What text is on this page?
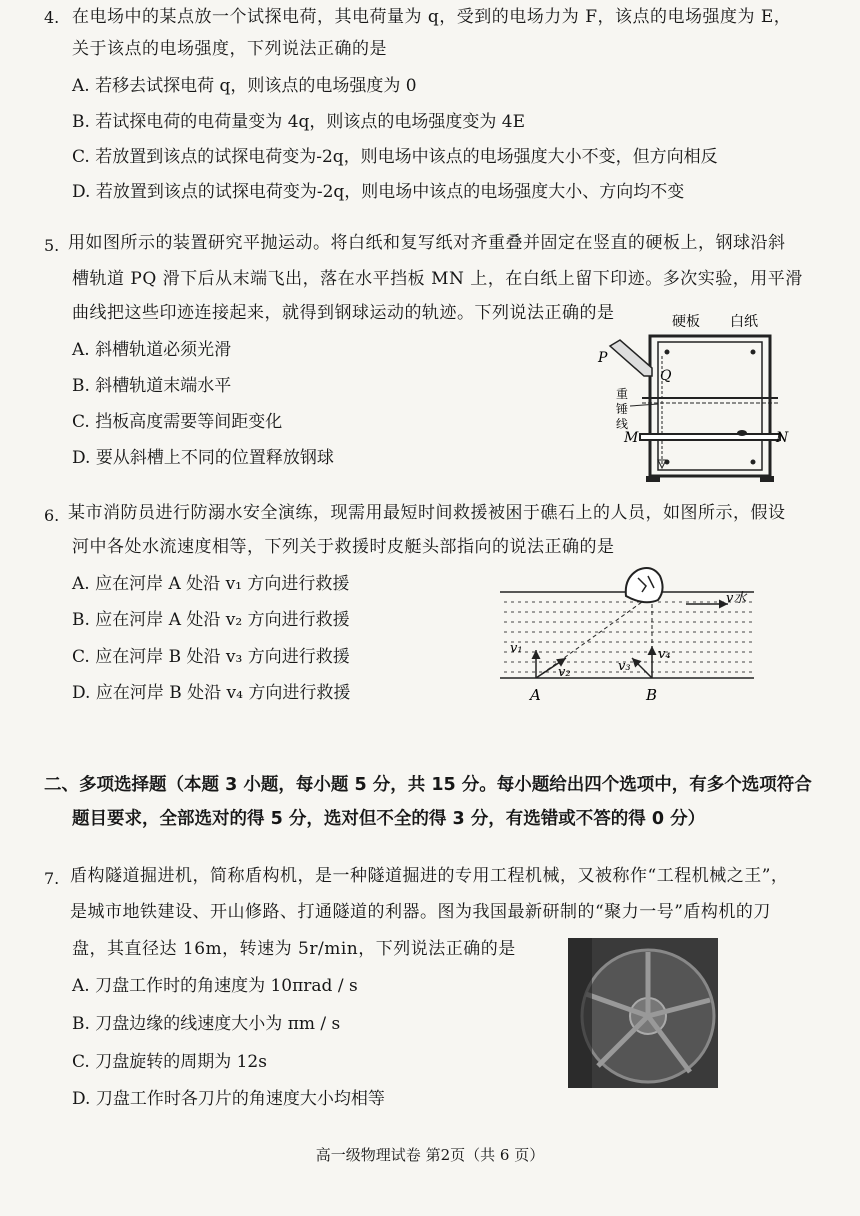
4. 在电场中的某点放一个试探电荷，其电荷量为 q，受到的电场力为 F，该点的电场强度为 E，
关于该点的电场强度，下列说法正确的是
A. 若移去试探电荷 q，则该点的电场强度为 0
B. 若试探电荷的电荷量变为 4q，则该点的电场强度变为 4E
C. 若放置到该点的试探电荷变为-2q，则电场中该点的电场强度大小不变，但方向相反
D. 若放置到该点的试探电荷变为-2q，则电场中该点的电场强度大小、方向均不变
5. 用如图所示的装置研究平抛运动。将白纸和复写纸对齐重叠并固定在竖直的硬板上，钢球沿斜
槽轨道 PQ 滑下后从末端飞出，落在水平挡板 MN 上，在白纸上留下印迹。多次实验，用平滑
曲线把这些印迹连接起来，就得到钢球运动的轨迹。下列说法正确的是
A. 斜槽轨道必须光滑
B. 斜槽轨道末端水平
C. 挡板高度需要等间距变化
D. 要从斜槽上不同的位置释放钢球
硬板 白纸
P
Q
重锤线
M	N
6. 某市消防员进行防溺水安全演练，现需用最短时间救援被困于礁石上的人员，如图所示，假设
河中各处水流速度相等，下列关于救援时皮艇头部指向的说法正确的是
A. 应在河岸 A 处沿 v₁ 方向进行救援
B. 应在河岸 A 处沿 v₂ 方向进行救援
C. 应在河岸 B 处沿 v₃ 方向进行救援
D. 应在河岸 B 处沿 v₄ 方向进行救援
v水
v₁
v₂	v₃
v₄
A	B
二、多项选择题（本题 3 小题，每小题 5 分，共 15 分。每小题给出四个选项中，有多个选项符合
题目要求，全部选对的得 5 分，选对但不全的得 3 分，有选错或不答的得 0 分）
7. 盾构隧道掘进机，简称盾构机，是一种隧道掘进的专用工程机械，又被称作“工程机械之王”，
是城市地铁建设、开山修路、打通隧道的利器。图为我国最新研制的“聚力一号”盾构机的刀
盘，其直径达 16m，转速为 5r/min，下列说法正确的是
A. 刀盘工作时的角速度为 10πrad / s
B. 刀盘边缘的线速度大小为 πm / s
C. 刀盘旋转的周期为 12s
D. 刀盘工作时各刀片的角速度大小均相等
高一级物理试卷 第2页（共 6 页）
